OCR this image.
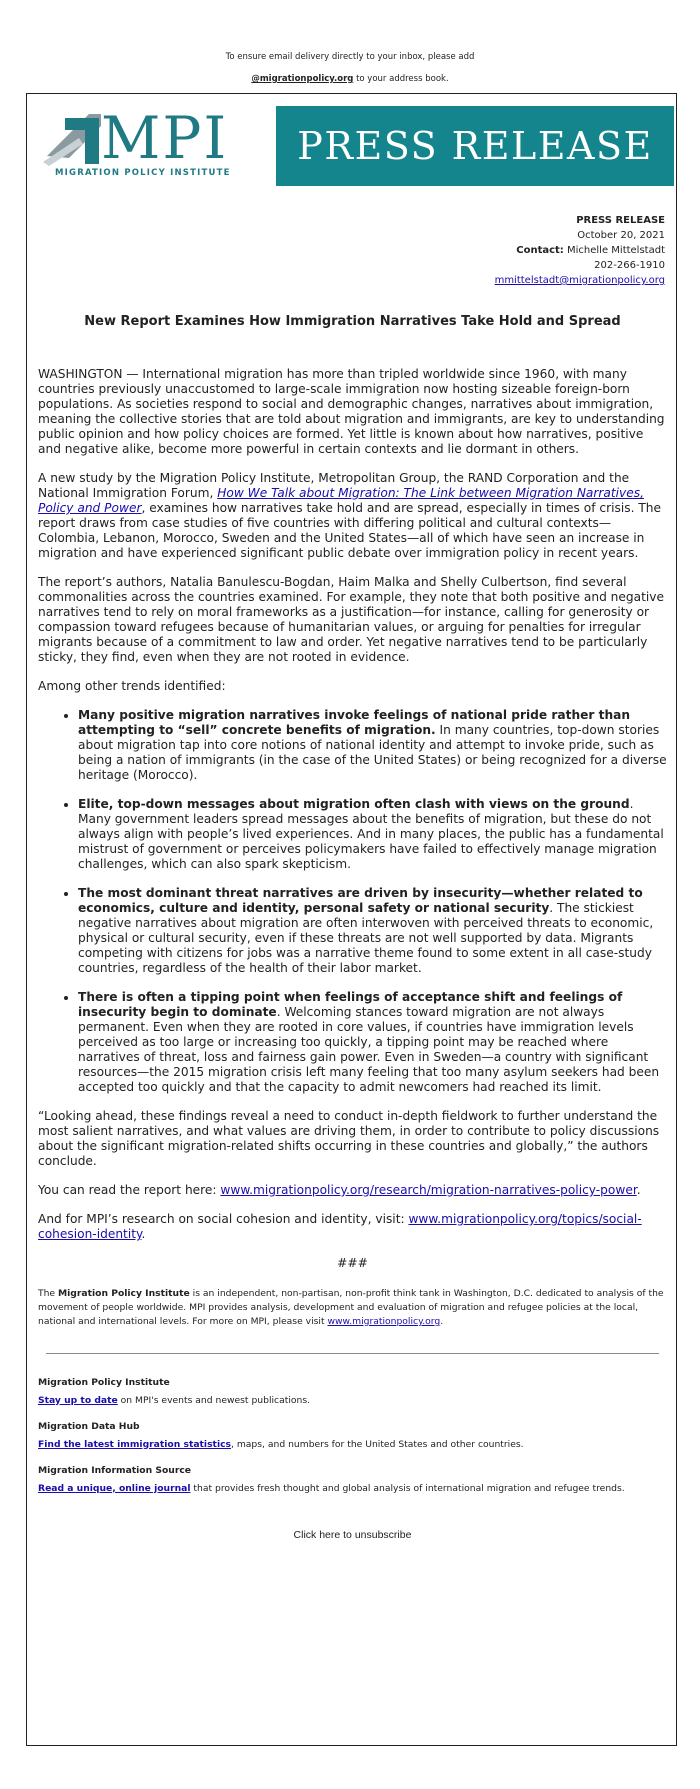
To ensure email delivery directly to your inbox, please add
@migrationpolicy.org to your address book.
MPI
MIGRATION POLICY INSTITUTE
PRESS RELEASE
PRESS RELEASE
October 20, 2021
Contact: Michelle Mittelstadt
202-266-1910
mmittelstadt@migrationpolicy.org
New Report Examines How Immigration Narratives Take Hold and Spread

WASHINGTON — International migration has more than tripled worldwide since 1960, with many countries previously unaccustomed to large-scale immigration now hosting sizeable foreign-born populations. As societies respond to social and demographic changes, narratives about immigration, meaning the collective stories that are told about migration and immigrants, are key to understanding public opinion and how policy choices are formed. Yet little is known about how narratives, positive and negative alike, become more powerful in certain contexts and lie dormant in others.

A new study by the Migration Policy Institute, Metropolitan Group, the RAND Corporation and the National Immigration Forum, How We Talk about Migration: The Link between Migration Narratives, Policy and Power, examines how narratives take hold and are spread, especially in times of crisis. The report draws from case studies of five countries with differing political and cultural contexts—Colombia, Lebanon, Morocco, Sweden and the United States—all of which have seen an increase in migration and have experienced significant public debate over immigration policy in recent years.

The report’s authors, Natalia Banulescu-Bogdan, Haim Malka and Shelly Culbertson, find several commonalities across the countries examined. For example, they note that both positive and negative narratives tend to rely on moral frameworks as a justification—for instance, calling for generosity or compassion toward refugees because of humanitarian values, or arguing for penalties for irregular migrants because of a commitment to law and order. Yet negative narratives tend to be particularly sticky, they find, even when they are not rooted in evidence.

Among other trends identified:

• Many positive migration narratives invoke feelings of national pride rather than attempting to “sell” concrete benefits of migration. In many countries, top-down stories about migration tap into core notions of national identity and attempt to invoke pride, such as being a nation of immigrants (in the case of the United States) or being recognized for a diverse heritage (Morocco).
• Elite, top-down messages about migration often clash with views on the ground. Many government leaders spread messages about the benefits of migration, but these do not always align with people’s lived experiences. And in many places, the public has a fundamental mistrust of government or perceives policymakers have failed to effectively manage migration challenges, which can also spark skepticism.
• The most dominant threat narratives are driven by insecurity—whether related to economics, culture and identity, personal safety or national security. The stickiest negative narratives about migration are often interwoven with perceived threats to economic, physical or cultural security, even if these threats are not well supported by data. Migrants competing with citizens for jobs was a narrative theme found to some extent in all case-study countries, regardless of the health of their labor market.
• There is often a tipping point when feelings of acceptance shift and feelings of insecurity begin to dominate. Welcoming stances toward migration are not always permanent. Even when they are rooted in core values, if countries have immigration levels perceived as too large or increasing too quickly, a tipping point may be reached where narratives of threat, loss and fairness gain power. Even in Sweden—a country with significant resources—the 2015 migration crisis left many feeling that too many asylum seekers had been accepted too quickly and that the capacity to admit newcomers had reached its limit.

“Looking ahead, these findings reveal a need to conduct in-depth fieldwork to further understand the most salient narratives, and what values are driving them, in order to contribute to policy discussions about the significant migration-related shifts occurring in these countries and globally,” the authors conclude.

You can read the report here: www.migrationpolicy.org/research/migration-narratives-policy-power.

And for MPI’s research on social cohesion and identity, visit: www.migrationpolicy.org/topics/social-cohesion-identity.

###
The Migration Policy Institute is an independent, non-partisan, non-profit think tank in Washington, D.C. dedicated to analysis of the movement of people worldwide. MPI provides analysis, development and evaluation of migration and refugee policies at the local, national and international levels. For more on MPI, please visit www.migrationpolicy.org.
Migration Policy Institute
Stay up to date on MPI's events and newest publications.
Migration Data Hub
Find the latest immigration statistics, maps, and numbers for the United States and other countries.
Migration Information Source
Read a unique, online journal that provides fresh thought and global analysis of international migration and refugee trends.
Click here to unsubscribe
